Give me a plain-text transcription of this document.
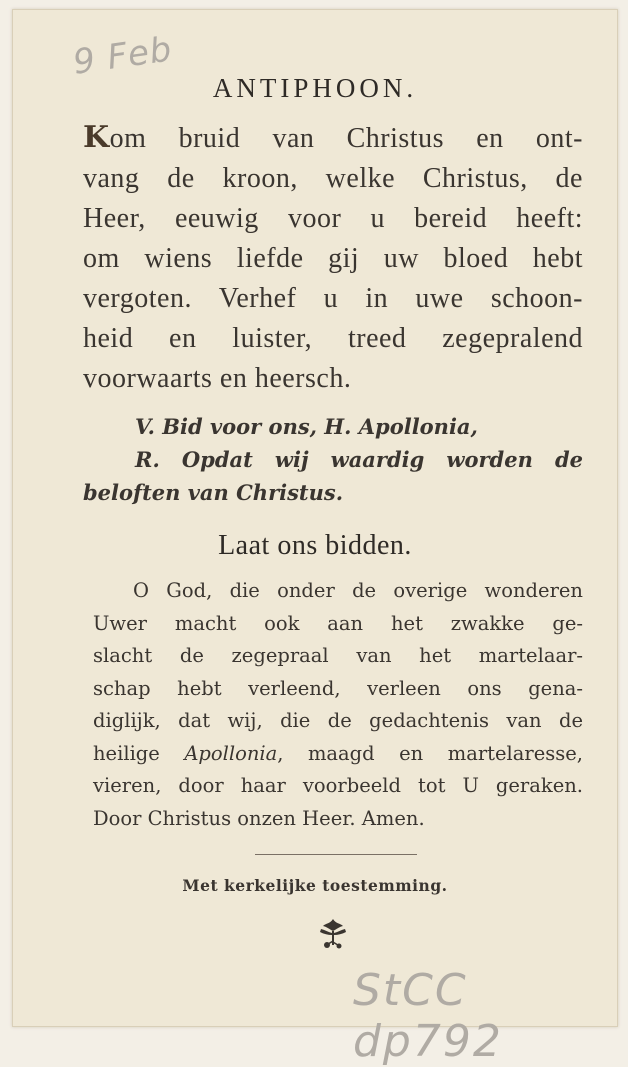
9 Feb
ANTIPHOON.
Kom bruid van Christus en ont-
vang de kroon, welke Christus, de
Heer, eeuwig voor u bereid heeft:
om wiens liefde gij uw bloed hebt
vergoten. Verhef u in uwe schoon-
heid en luister, treed zegepralend
voorwaarts en heersch.
V. Bid voor ons, H. Apollonia,
R. Opdat wij waardig worden de
beloften van Christus.
Laat ons bidden.
O God, die onder de overige wonderen
Uwer macht ook aan het zwakke ge-
slacht de zegepraal van het martelaar-
schap hebt verleend, verleen ons gena-
diglijk, dat wij, die de gedachtenis van de
heilige Apollonia, maagd en martelaresse,
vieren, door haar voorbeeld tot U geraken.
Door Christus onzen Heer. Amen.
Met kerkelijke toestemming.
StCC dp792
